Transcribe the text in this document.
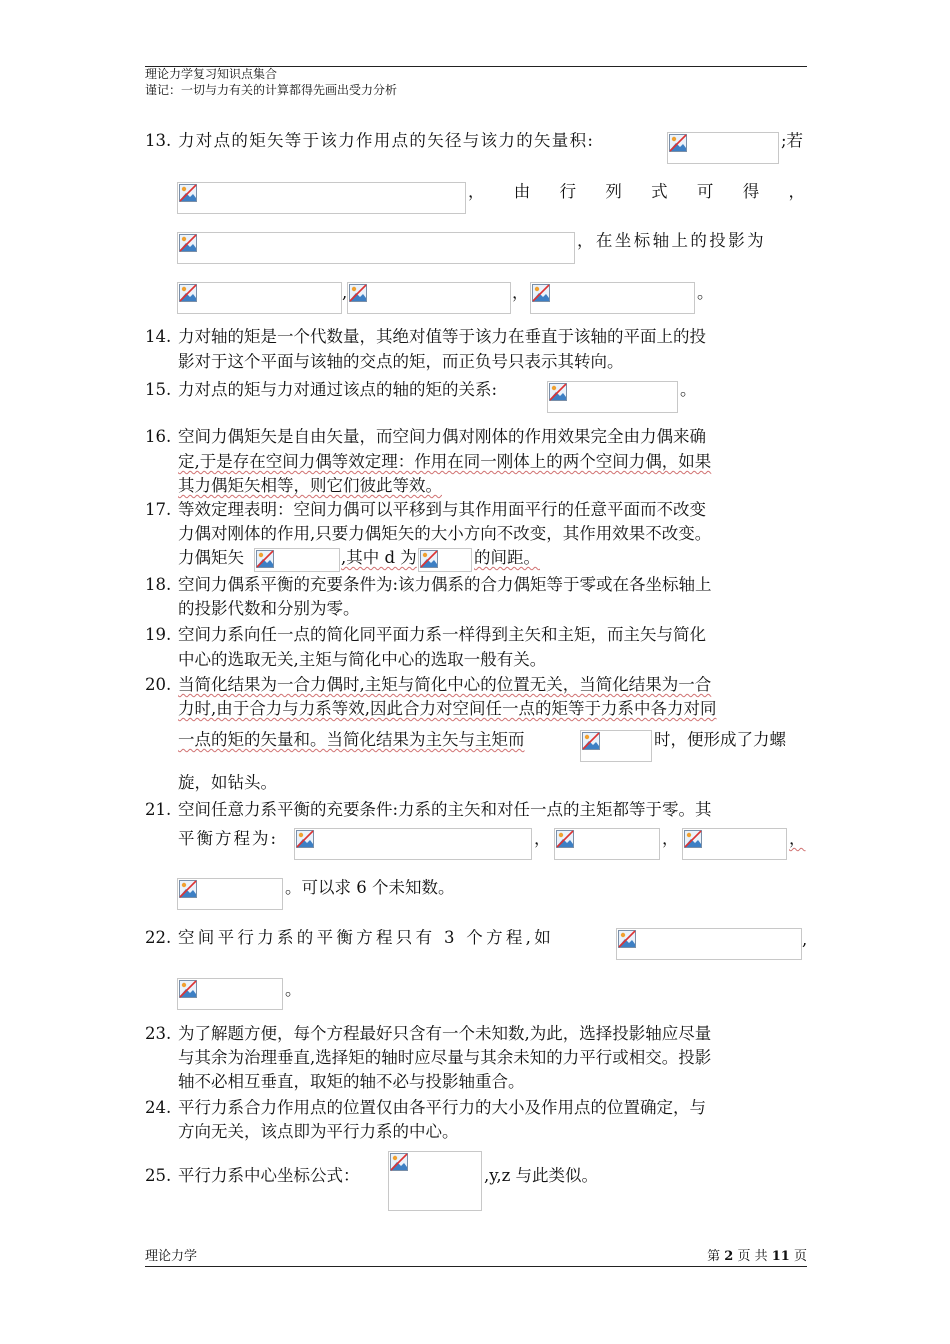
理论力学复习知识点集合
谨记：一切与力有关的计算都得先画出受力分析
13. 力对点的矩矢等于该力作用点的矢径与该力的矢量积:	;若
， 由 行 列 式 可 得 ，
，在坐标轴上的投影为
,	，	。
14. 力对轴的矩是一个代数量，其绝对值等于该力在垂直于该轴的平面上的投
影对于这个平面与该轴的交点的矩，而正负号只表示其转向。
15. 力对点的矩与力对通过该点的轴的矩的关系:	。
16. 空间力偶矩矢是自由矢量，而空间力偶对刚体的作用效果完全由力偶来确
定,于是存在空间力偶等效定理：作用在同一刚体上的两个空间力偶，如果
其力偶矩矢相等，则它们彼此等效。
17. 等效定理表明：空间力偶可以平移到与其作用面平行的任意平面而不改变
力偶对刚体的作用,只要力偶矩矢的大小方向不改变，其作用效果不改变。
力偶矩矢	,其中 d 为	的间距。
18. 空间力偶系平衡的充要条件为:该力偶系的合力偶矩等于零或在各坐标轴上
的投影代数和分别为零。
19. 空间力系向任一点的简化同平面力系一样得到主矢和主矩，而主矢与简化
中心的选取无关,主矩与简化中心的选取一般有关。
20. 当简化结果为一合力偶时,主矩与简化中心的位置无关，当简化结果为一合
力时,由于合力与力系等效,因此合力对空间任一点的矩等于力系中各力对同
一点的矩的矢量和。当简化结果为主矢与主矩而	时，便形成了力螺
旋，如钻头。
21. 空间任意力系平衡的充要条件:力系的主矢和对任一点的主矩都等于零。其
平衡方程为:	，	，	，
。可以求 6 个未知数。
22. 空间平行力系的平衡方程只有 3 个方程,如	,
。
23. 为了解题方便，每个方程最好只含有一个未知数,为此，选择投影轴应尽量
与其余为治理垂直,选择矩的轴时应尽量与其余未知的力平行或相交。投影
轴不必相互垂直，取矩的轴不必与投影轴重合。
24. 平行力系合力作用点的位置仅由各平行力的大小及作用点的位置确定，与
方向无关，该点即为平行力系的中心。
25. 平行力系中心坐标公式：	,y,z 与此类似。
理论力学	第 2 页 共 11 页
